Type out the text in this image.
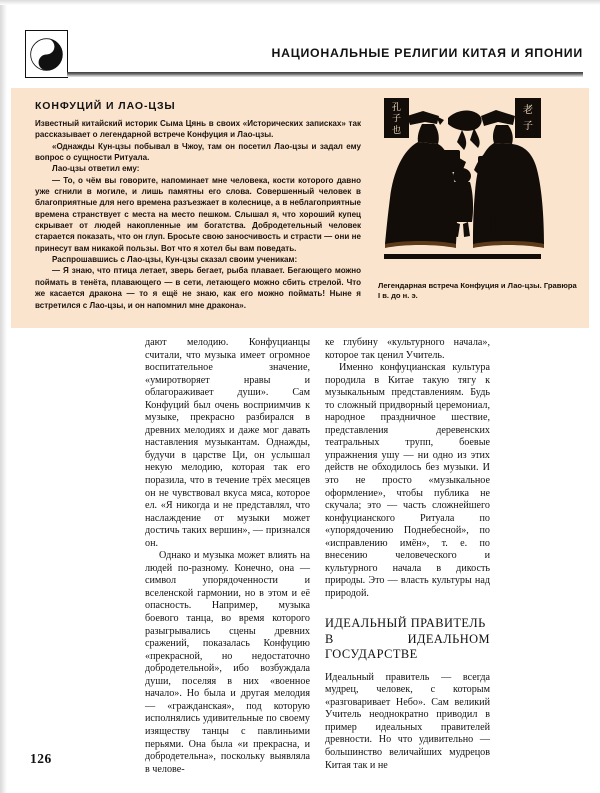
НАЦИОНАЛЬНЫЕ РЕЛИГИИ КИТАЯ И ЯПОНИИ
КОНФУЦИЙ И ЛАО-ЦЗЫ

Известный китайский историк Сыма Цянь в своих «Исторических записках» так рассказывает о легендарной встрече Конфуция и Лао-цзы.

«Однажды Кун-цзы побывал в Чжоу, там он посетил Лао-цзы и задал ему вопрос о сущности Ритуала.

Лао-цзы ответил ему:

— То, о чём вы говорите, напоминает мне человека, кости которого давно уже сгнили в могиле, и лишь памятны его слова. Совершенный человек в благоприятные для него времена разъезжает в колеснице, а в неблагоприятные времена странствует с места на место пешком. Слышал я, что хороший купец скрывает от людей накопленные им богатства. Добродетельный человек старается показать, что он глуп. Бросьте свою заносчивость и страсти — они не принесут вам никакой пользы. Вот что я хотел бы вам поведать.

Распрошавшись с Лао-цзы, Кун-цзы сказал своим ученикам:

— Я знаю, что птица летает, зверь бегает, рыба плавает. Бегающего можно поймать в тенёта, плавающего — в сети, летающего можно сбить стрелой. Что же касается дракона — то я ещё не знаю, как его можно поймать! Ныне я встретился с Лао-цзы, и он напомнил мне дракона».

孔
子
也
老
子
Легендарная встреча Конфуция и Лао-цзы. Гравюра I в. до н. э.

дают мелодию. Конфуцианцы считали, что музыка имеет огромное воспитательное значение, «умиротворяет нравы и облагораживает души». Сам Конфуций был очень восприимчив к музыке, прекрасно разбирался в древних мелодиях и даже мог давать наставления музыкантам. Однажды, будучи в царстве Ци, он услышал некую мелодию, которая так его поразила, что в течение трёх месяцев он не чувствовал вкуса мяса, которое ел. «Я никогда и не представлял, что наслаждение от музыки может достичь таких вершин», — признался он.

Однако и музыка может влиять на людей по-разному. Конечно, она — символ упорядоченности и вселенской гармонии, но в этом и её опасность. Например, музыка боевого танца, во время которого разыгрывались сцены древних сражений, показалась Конфуцию «прекрасной, но недостаточно добродетельной», ибо возбуждала души, поселяя в них «военное начало». Но была и другая мелодия — «гражданская», под которую исполнялись удивительные по своему изяществу танцы с павлиньими перьями. Она была «и прекрасна, и добродетельна», поскольку выявляла в челове-

ке глубину «культурного начала», которое так ценил Учитель.

Именно конфуцианская культура породила в Китае такую тягу к музыкальным представлениям. Будь то сложный придворный церемониал, народное праздничное шествие, представления деревенских театральных трупп, боевые упражнения ушу — ни одно из этих действ не обходилось без музыки. И это не просто «музыкальное оформление», чтобы публика не скучала; это — часть сложнейшего конфуцианского Ритуала по «упорядочению Поднебесной», по «исправлению имён», т. е. по внесению человеческого и культурного начала в дикость природы. Это — власть культуры над природой.

ИДЕАЛЬНЫЙ ПРАВИТЕЛЬ
В ИДЕАЛЬНОМ ГОСУДАРСТВЕ

Идеальный правитель — всегда мудрец, человек, с которым «разговаривает Небо». Сам великий Учитель неоднократно приводил в пример идеальных правителей древности. Но что удивительно — большинство величайших мудрецов Китая так и не

126
